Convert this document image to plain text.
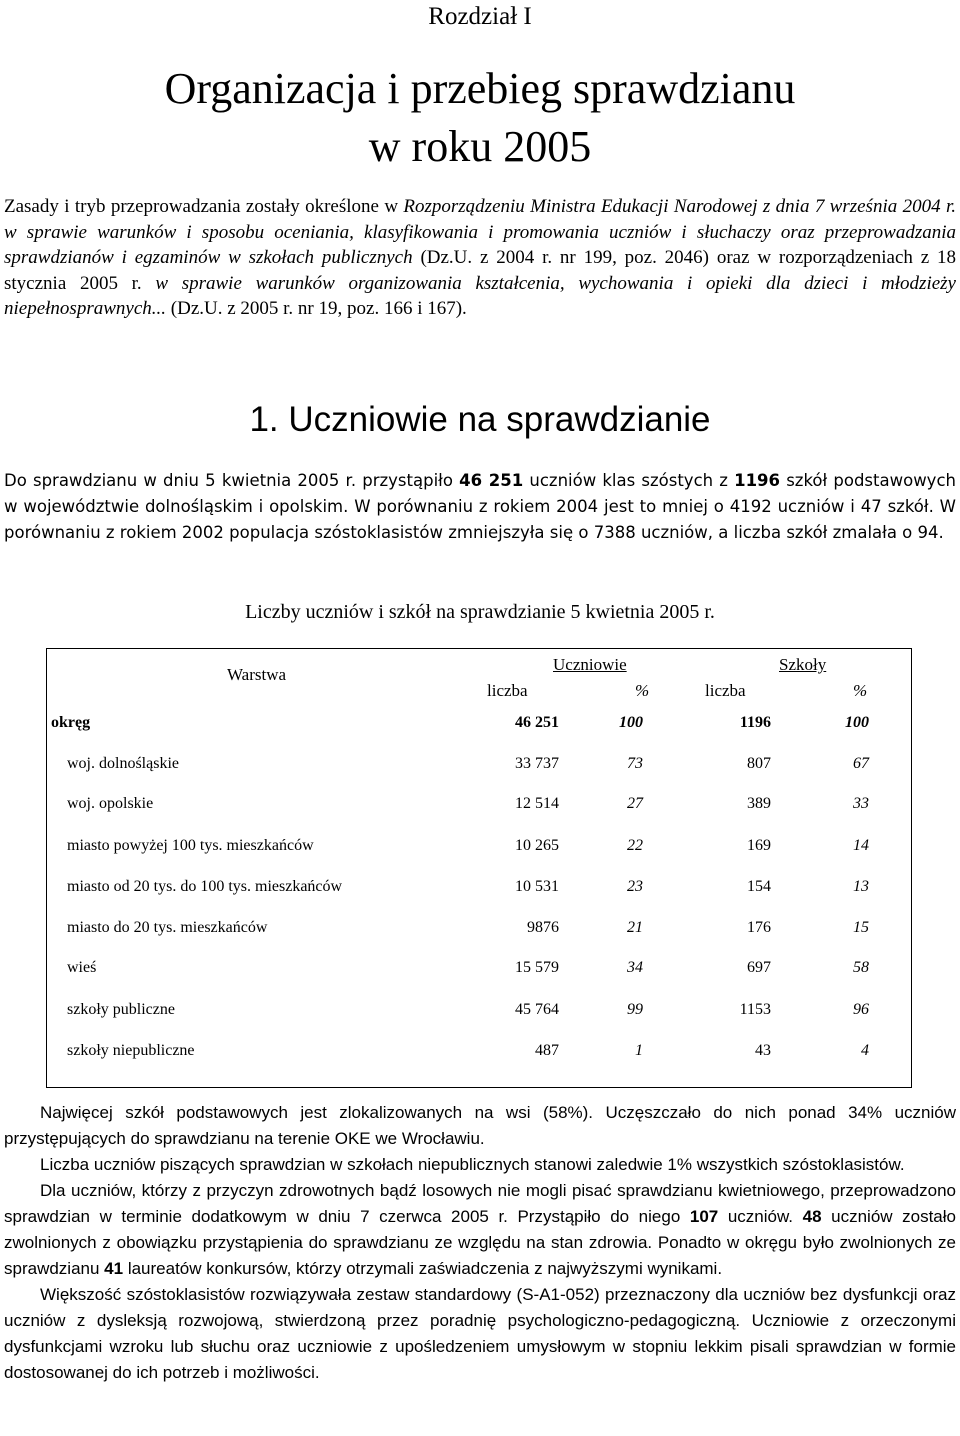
Rozdział I
Organizacja i przebieg sprawdzianu
w roku 2005

Zasady i tryb przeprowadzania zostały określone w Rozporządzeniu Ministra Edukacji Narodowej z dnia 7 września 2004 r. w sprawie warunków i sposobu oceniania, klasyfikowania i promowania uczniów i słuchaczy oraz przeprowadzania sprawdzianów i egzaminów w szkołach publicznych (Dz.U. z 2004 r. nr 199, poz. 2046) oraz w rozporządzeniach z 18 stycznia 2005 r. w sprawie warunków organizowania kształcenia, wychowania i opieki dla dzieci i młodzieży niepełnosprawnych... (Dz.U. z 2005 r. nr 19, poz. 166 i 167).

1. Uczniowie na sprawdzianie

Do sprawdzianu w dniu 5 kwietnia 2005 r. przystąpiło 46 251 uczniów klas szóstych z 1196 szkół podstawowych w województwie dolnośląskim i opolskim. W porównaniu z rokiem 2004 jest to mniej o 4192 uczniów i 47 szkół. W porównaniu z rokiem 2002 populacja szóstoklasistów zmniejszyła się o 7388 uczniów, a liczba szkół zmalała o 94.

Liczby uczniów i szkół na sprawdzianie 5 kwietnia 2005 r.
Warstwa
Uczniowie	Szkoły
liczba	%	liczba	%
okręg	46 251	100	1196	100
woj. dolnośląskie	33 737	73	807	67
woj. opolskie	12 514	27	389	33
miasto powyżej 100 tys. mieszkańców	10 265	22	169	14
miasto od 20 tys. do 100 tys. mieszkańców	10 531	23	154	13
miasto do 20 tys. mieszkańców	9876	21	176	15
wieś	15 579	34	697	58
szkoły publiczne	45 764	99	1153	96
szkoły niepubliczne	487	1	43	4

Najwięcej szkół podstawowych jest zlokalizowanych na wsi (58%). Uczęszczało do nich ponad 34% uczniów przystępujących do sprawdzianu na terenie OKE we Wrocławiu.

Liczba uczniów piszących sprawdzian w szkołach niepublicznych stanowi zaledwie 1% wszystkich szóstoklasistów.

Dla uczniów, którzy z przyczyn zdrowotnych bądź losowych nie mogli pisać sprawdzianu kwietniowego, przeprowadzono sprawdzian w terminie dodatkowym w dniu 7 czerwca 2005 r. Przystąpiło do niego 107 uczniów. 48 uczniów zostało zwolnionych z obowiązku przystąpienia do sprawdzianu ze względu na stan zdrowia. Ponadto w okręgu było zwolnionych ze sprawdzianu 41 laureatów konkursów, którzy otrzymali zaświadczenia z najwyższymi wynikami.

Większość szóstoklasistów rozwiązywała zestaw standardowy (S-A1-052) przeznaczony dla uczniów bez dysfunkcji oraz uczniów z dysleksją rozwojową, stwierdzoną przez poradnię psychologiczno-pedagogiczną. Uczniowie z orzeczonymi dysfunkcjami wzroku lub słuchu oraz uczniowie z upośledzeniem umysłowym w stopniu lekkim pisali sprawdzian w formie dostosowanej do ich potrzeb i możliwości.
